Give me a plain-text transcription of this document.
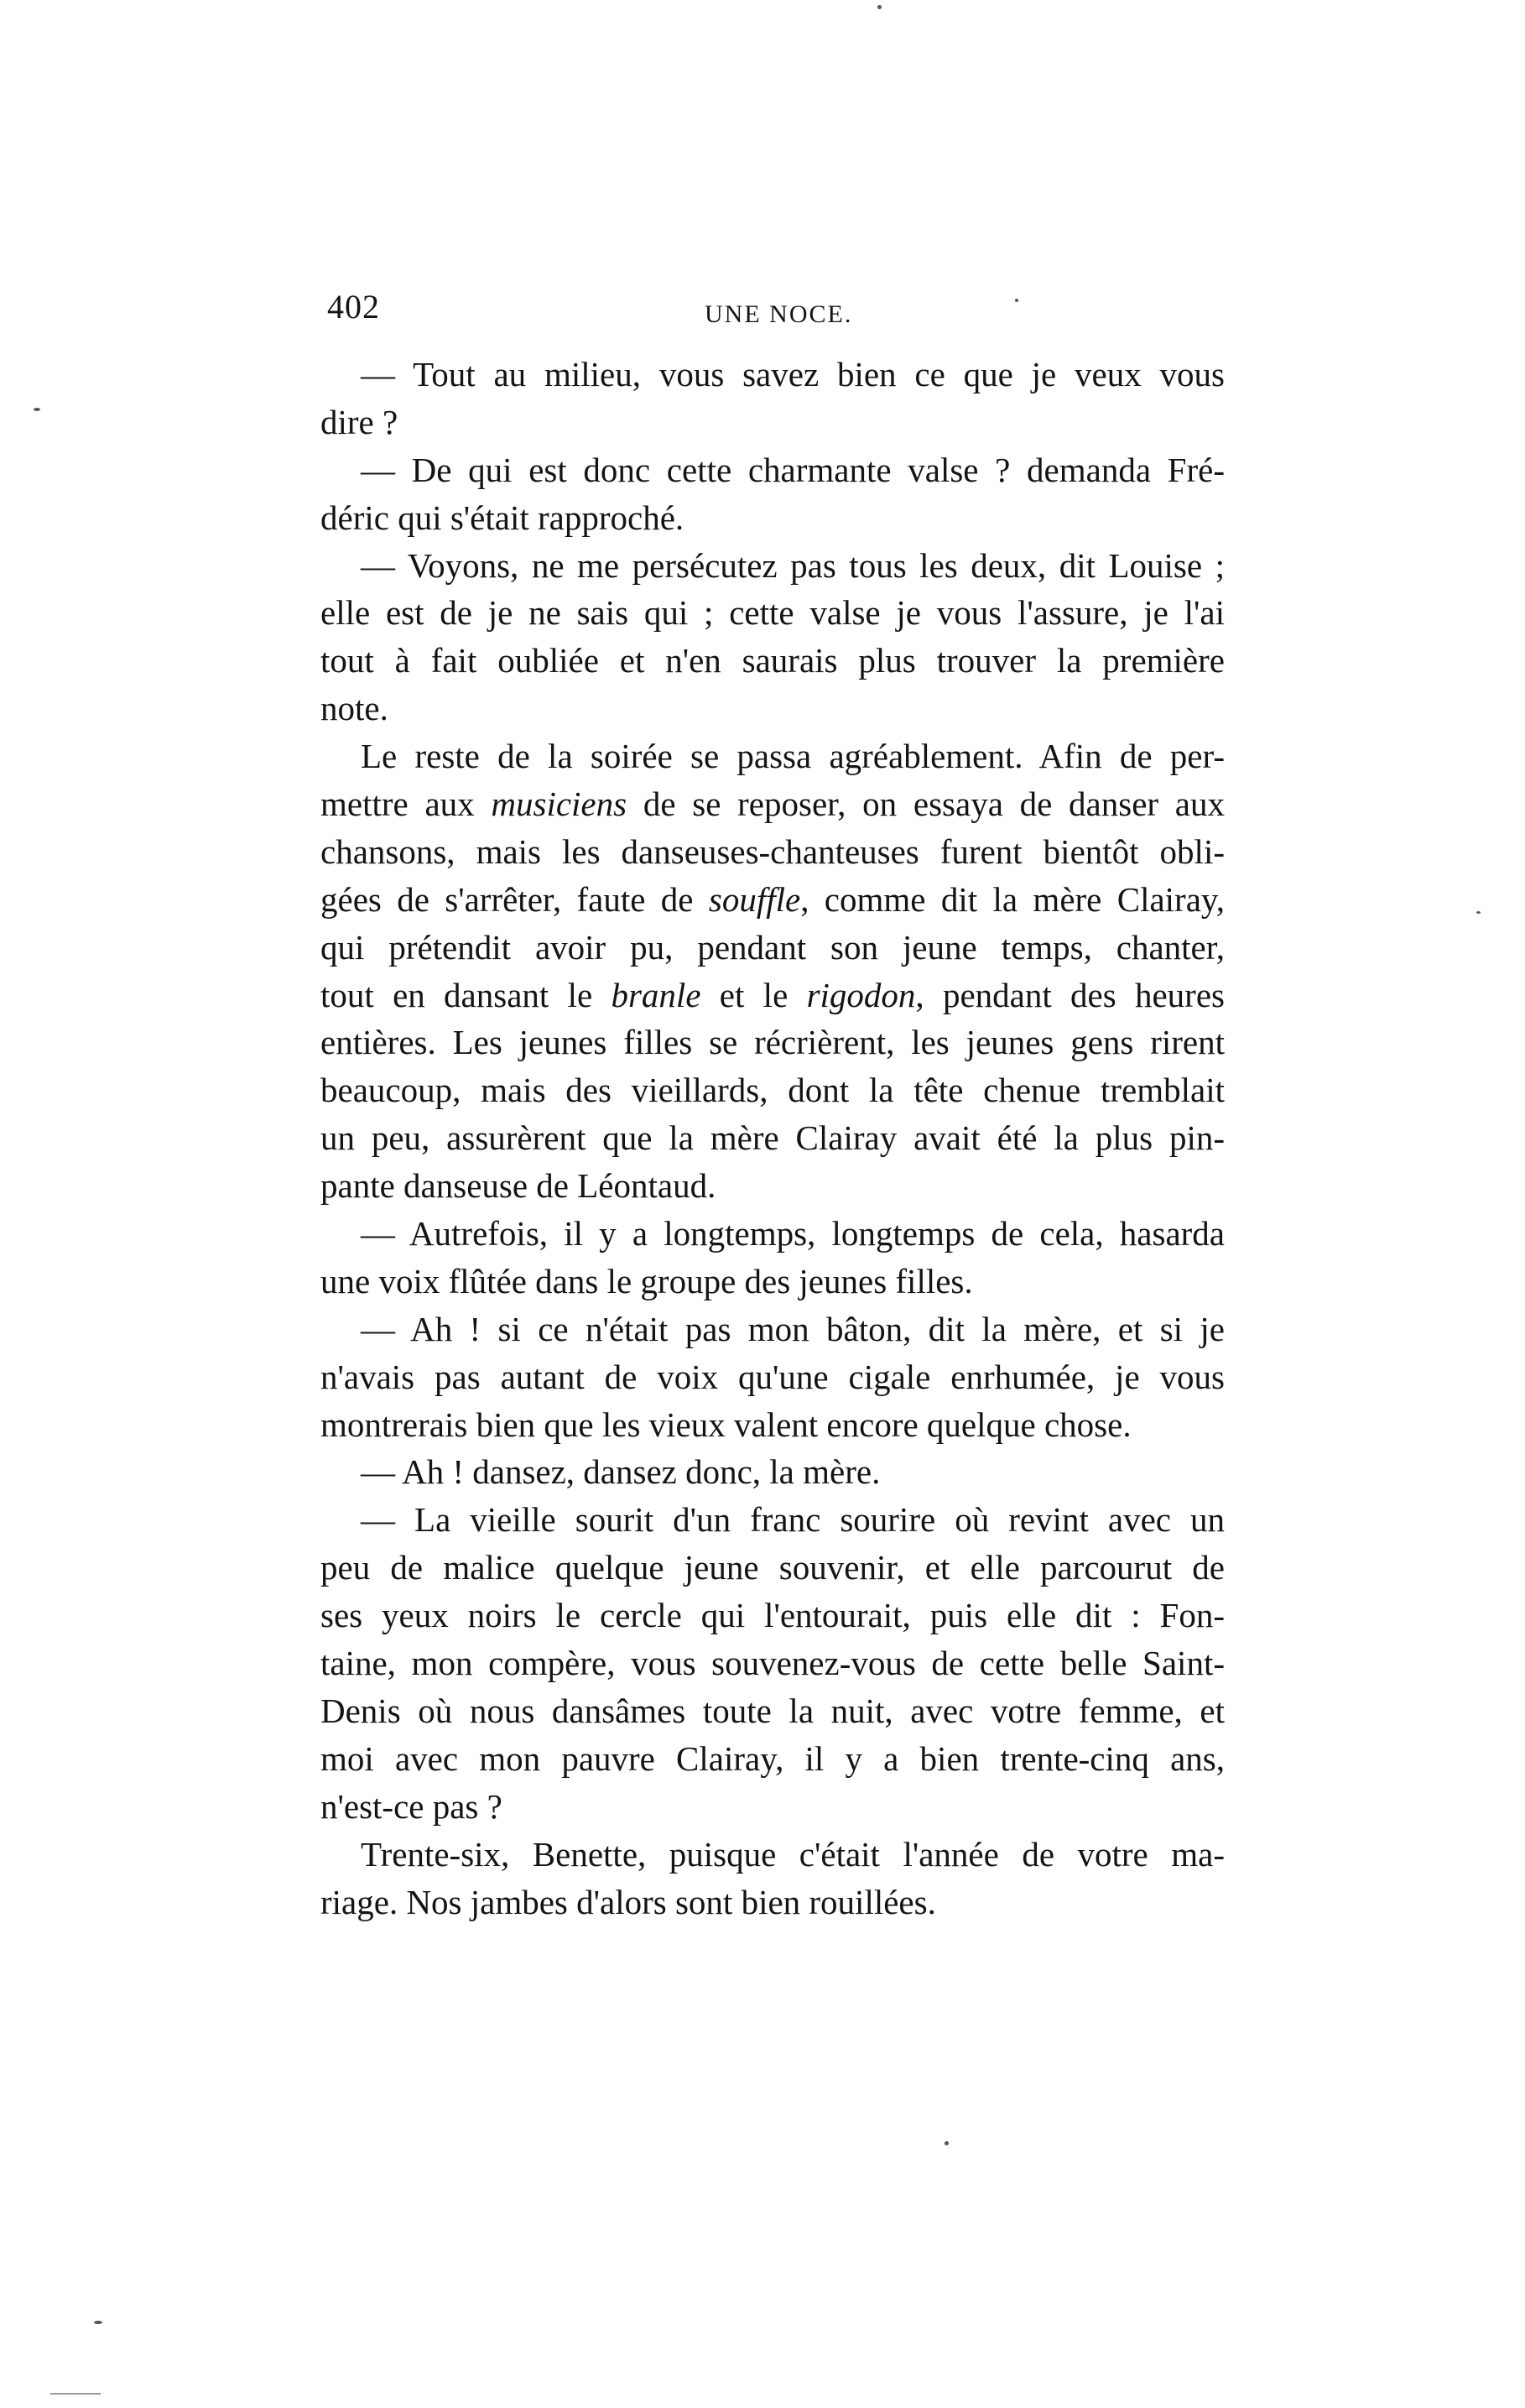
402	UNE NOCE.
— Tout au milieu, vous savez bien ce que je veux vous
dire ?
— De qui est donc cette charmante valse ? demanda Fré-
déric qui s'était rapproché.
— Voyons, ne me persécutez pas tous les deux, dit Louise ;
elle est de je ne sais qui ; cette valse je vous l'assure, je l'ai
tout à fait oubliée et n'en saurais plus trouver la première
note.
Le reste de la soirée se passa agréablement. Afin de per-
mettre aux musiciens de se reposer, on essaya de danser aux
chansons, mais les danseuses-chanteuses furent bientôt obli-
gées de s'arrêter, faute de souffle, comme dit la mère Clairay,
qui prétendit avoir pu, pendant son jeune temps, chanter,
tout en dansant le branle et le rigodon, pendant des heures
entières. Les jeunes filles se récrièrent, les jeunes gens rirent
beaucoup, mais des vieillards, dont la tête chenue tremblait
un peu, assurèrent que la mère Clairay avait été la plus pin-
pante danseuse de Léontaud.
— Autrefois, il y a longtemps, longtemps de cela, hasarda
une voix flûtée dans le groupe des jeunes filles.
— Ah ! si ce n'était pas mon bâton, dit la mère, et si je
n'avais pas autant de voix qu'une cigale enrhumée, je vous
montrerais bien que les vieux valent encore quelque chose.
— Ah ! dansez, dansez donc, la mère.
— La vieille sourit d'un franc sourire où revint avec un
peu de malice quelque jeune souvenir, et elle parcourut de
ses yeux noirs le cercle qui l'entourait, puis elle dit : Fon-
taine, mon compère, vous souvenez-vous de cette belle Saint-
Denis où nous dansâmes toute la nuit, avec votre femme, et
moi avec mon pauvre Clairay, il y a bien trente-cinq ans,
n'est-ce pas ?
Trente-six, Benette, puisque c'était l'année de votre ma-
riage. Nos jambes d'alors sont bien rouillées.
